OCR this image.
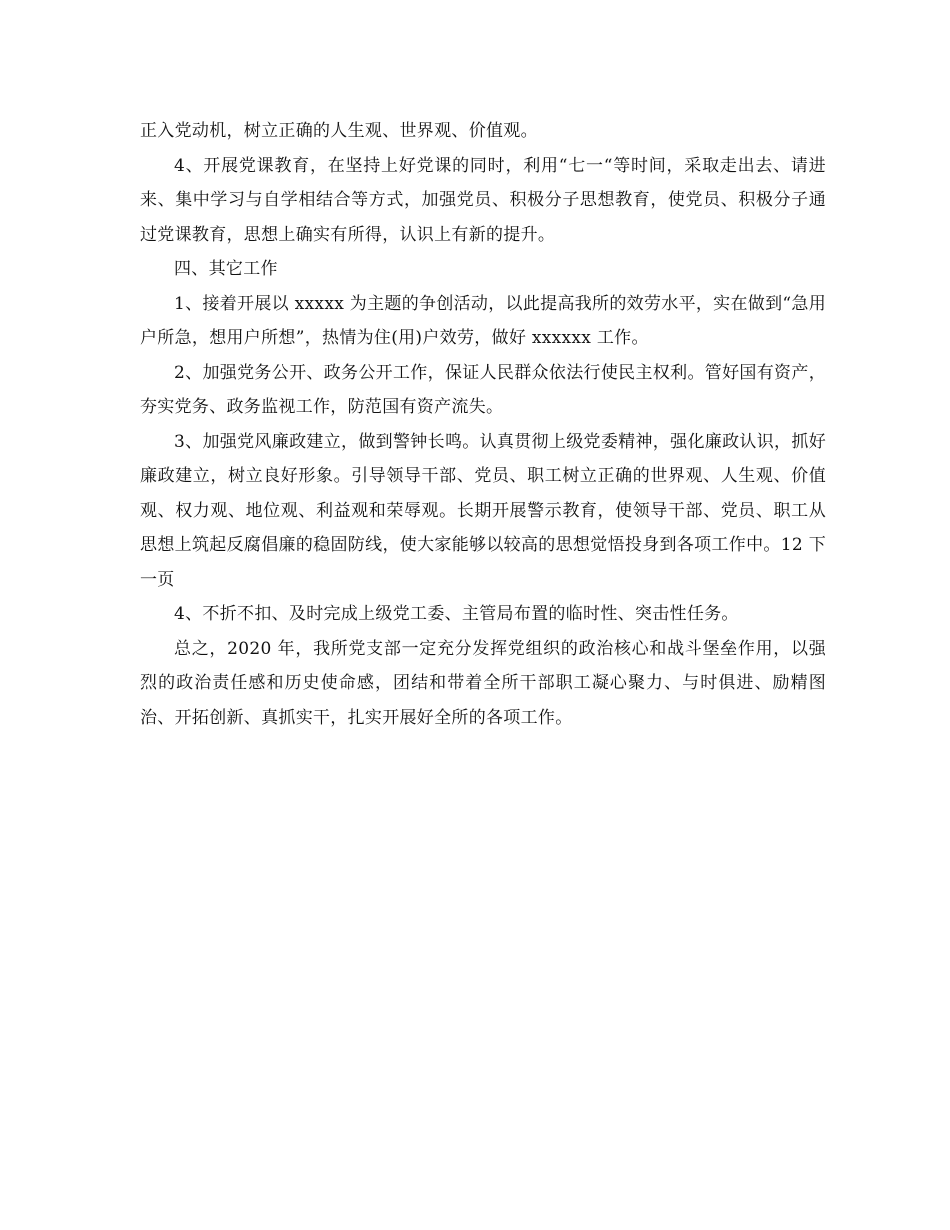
正入党动机，树立正确的人生观、世界观、价值观。

4、开展党课教育，在坚持上好党课的同时，利用“七一“等时间，采取走出去、请进来、集中学习与自学相结合等方式，加强党员、积极分子思想教育，使党员、积极分子通过党课教育，思想上确实有所得，认识上有新的提升。

四、其它工作

1、接着开展以 xxxxx 为主题的争创活动，以此提高我所的效劳水平，实在做到“急用户所急，想用户所想”，热情为住(用)户效劳，做好 xxxxxx 工作。

2、加强党务公开、政务公开工作，保证人民群众依法行使民主权利。管好国有资产，夯实党务、政务监视工作，防范国有资产流失。

3、加强党风廉政建立，做到警钟长鸣。认真贯彻上级党委精神，强化廉政认识，抓好廉政建立，树立良好形象。引导领导干部、党员、职工树立正确的世界观、人生观、价值观、权力观、地位观、利益观和荣辱观。长期开展警示教育，使领导干部、党员、职工从思想上筑起反腐倡廉的稳固防线，使大家能够以较高的思想觉悟投身到各项工作中。12 下一页

4、不折不扣、及时完成上级党工委、主管局布置的临时性、突击性任务。

总之，2020 年，我所党支部一定充分发挥党组织的政治核心和战斗堡垒作用，以强烈的政治责任感和历史使命感，团结和带着全所干部职工凝心聚力、与时俱进、励精图治、开拓创新、真抓实干，扎实开展好全所的各项工作。
